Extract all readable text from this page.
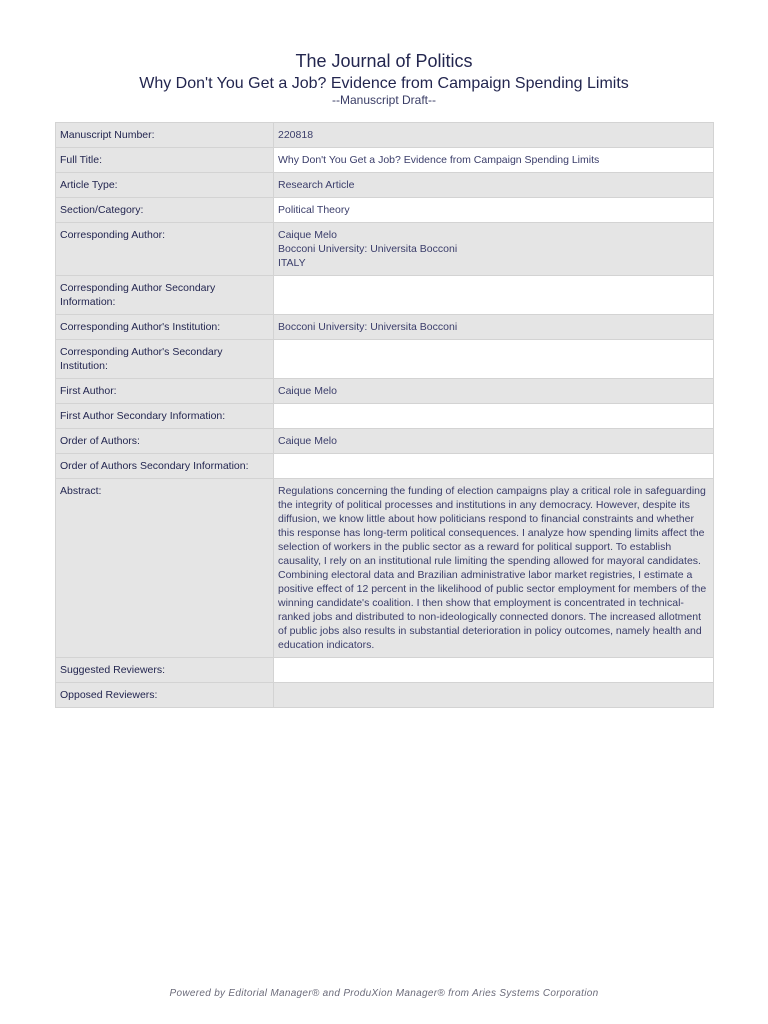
The Journal of Politics
Why Don't You Get a Job? Evidence from Campaign Spending Limits
--Manuscript Draft--
Manuscript Number:	220818
Full Title:	Why Don't You Get a Job? Evidence from Campaign Spending Limits
Article Type:	Research Article
Section/Category:	Political Theory
Corresponding Author:	Caique Melo
Bocconi University: Universita Bocconi
ITALY

Corresponding Author Secondary Information:	
Corresponding Author's Institution:	Bocconi University: Universita Bocconi
Corresponding Author's Secondary Institution:	
First Author:	Caique Melo
First Author Secondary Information:	
Order of Authors:	Caique Melo
Order of Authors Secondary Information:	
Abstract:	Regulations concerning the funding of election campaigns play a critical role in safeguarding the integrity of political processes and institutions in any democracy. However, despite its diffusion, we know little about how politicians respond to financial constraints and whether this response has long-term political consequences. I analyze how spending limits affect the selection of workers in the public sector as a reward for political support. To establish causality, I rely on an institutional rule limiting the spending allowed for mayoral candidates. Combining electoral data and Brazilian administrative labor market registries, I estimate a positive effect of 12 percent in the likelihood of public sector employment for members of the winning candidate's coalition. I then show that employment is concentrated in technical-ranked jobs and distributed to non-ideologically connected donors. The increased allotment of public jobs also results in substantial deterioration in policy outcomes, namely health and education indicators.
Suggested Reviewers:	
Opposed Reviewers:	
Powered by Editorial Manager® and ProduXion Manager® from Aries Systems Corporation
